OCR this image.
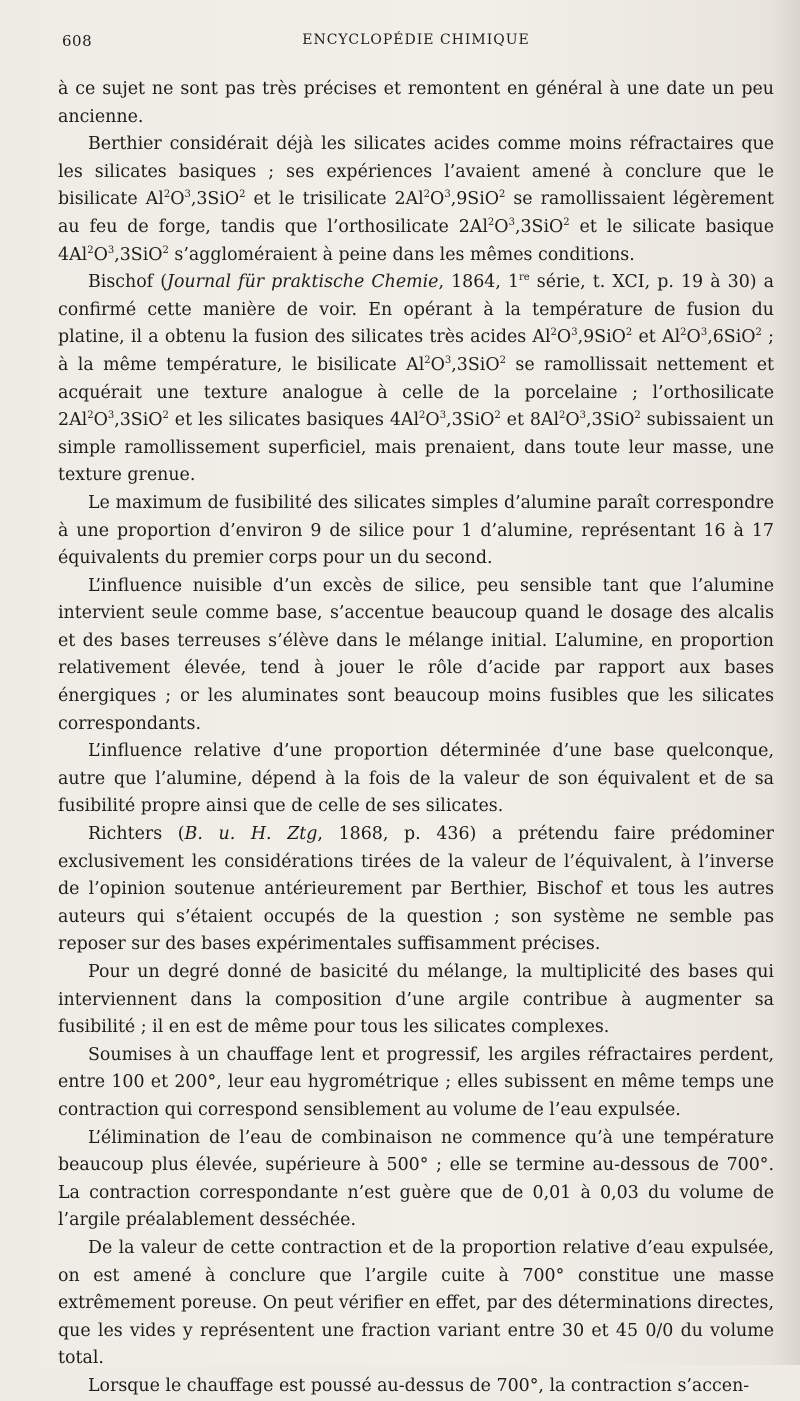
608	ENCYCLOPÉDIE CHIMIQUE

à ce sujet ne sont pas très précises et remontent en général à une date un peu ancienne.

Berthier considérait déjà les silicates acides comme moins réfractaires que les silicates basiques ; ses expériences l’avaient amené à conclure que le bisilicate $Al^2O^3,3SiO^2$ et le trisilicate $2Al^2O^3,9SiO^2$ se ramollissaient légèrement au feu de forge, tandis que l’orthosilicate $2Al^2O^3,3SiO^2$ et le silicate basique $4Al^2O^3,3SiO^2$ s’aggloméraient à peine dans les mêmes conditions.

Bischof (Journal für praktische Chemie, 1864, 1re série, t. XCI, p. 19 à 30) a confirmé cette manière de voir. En opérant à la température de fusion du platine, il a obtenu la fusion des silicates très acides $Al^2O^3,9SiO^2$ et $Al^2O^3,6SiO^2$ ; à la même température, le bisilicate $Al^2O^3,3SiO^2$ se ramollissait nettement et acquérait une texture analogue à celle de la porcelaine ; l’orthosilicate $2Al^2O^3,3SiO^2$ et les silicates basiques $4Al^2O^3,3SiO^2$ et $8Al^2O^3,3SiO^2$ subissaient un simple ramollissement superficiel, mais prenaient, dans toute leur masse, une texture grenue.

Le maximum de fusibilité des silicates simples d’alumine paraît correspondre à une proportion d’environ 9 de silice pour 1 d’alumine, représentant 16 à 17 équivalents du premier corps pour un du second.

L’influence nuisible d’un excès de silice, peu sensible tant que l’alumine intervient seule comme base, s’accentue beaucoup quand le dosage des alcalis et des bases terreuses s’élève dans le mélange initial. L’alumine, en proportion relativement élevée, tend à jouer le rôle d’acide par rapport aux bases énergiques ; or les aluminates sont beaucoup moins fusibles que les silicates correspondants.

L’influence relative d’une proportion déterminée d’une base quelconque, autre que l’alumine, dépend à la fois de la valeur de son équivalent et de sa fusibilité propre ainsi que de celle de ses silicates.

Richters (B. u. H. Ztg, 1868, p. 436) a prétendu faire prédominer exclusivement les considérations tirées de la valeur de l’équivalent, à l’inverse de l’opinion soutenue antérieurement par Berthier, Bischof et tous les autres auteurs qui s’étaient occupés de la question ; son système ne semble pas reposer sur des bases expérimentales suffisamment précises.

Pour un degré donné de basicité du mélange, la multiplicité des bases qui interviennent dans la composition d’une argile contribue à augmenter sa fusibilité ; il en est de même pour tous les silicates complexes.

Soumises à un chauffage lent et progressif, les argiles réfractaires perdent, entre 100 et 200°, leur eau hygrométrique ; elles subissent en même temps une contraction qui correspond sensiblement au volume de l’eau expulsée.

L’élimination de l’eau de combinaison ne commence qu’à une température beaucoup plus élevée, supérieure à 500° ; elle se termine au-dessous de 700°. La contraction correspondante n’est guère que de 0,01 à 0,03 du volume de l’argile préalablement desséchée.

De la valeur de cette contraction et de la proportion relative d’eau expulsée, on est amené à conclure que l’argile cuite à 700° constitue une masse extrêmement poreuse. On peut vérifier en effet, par des déterminations directes, que les vides y représentent une fraction variant entre 30 et 45 0/0 du volume total.

Lorsque le chauffage est poussé au-dessus de 700°, la contraction s’accen-
